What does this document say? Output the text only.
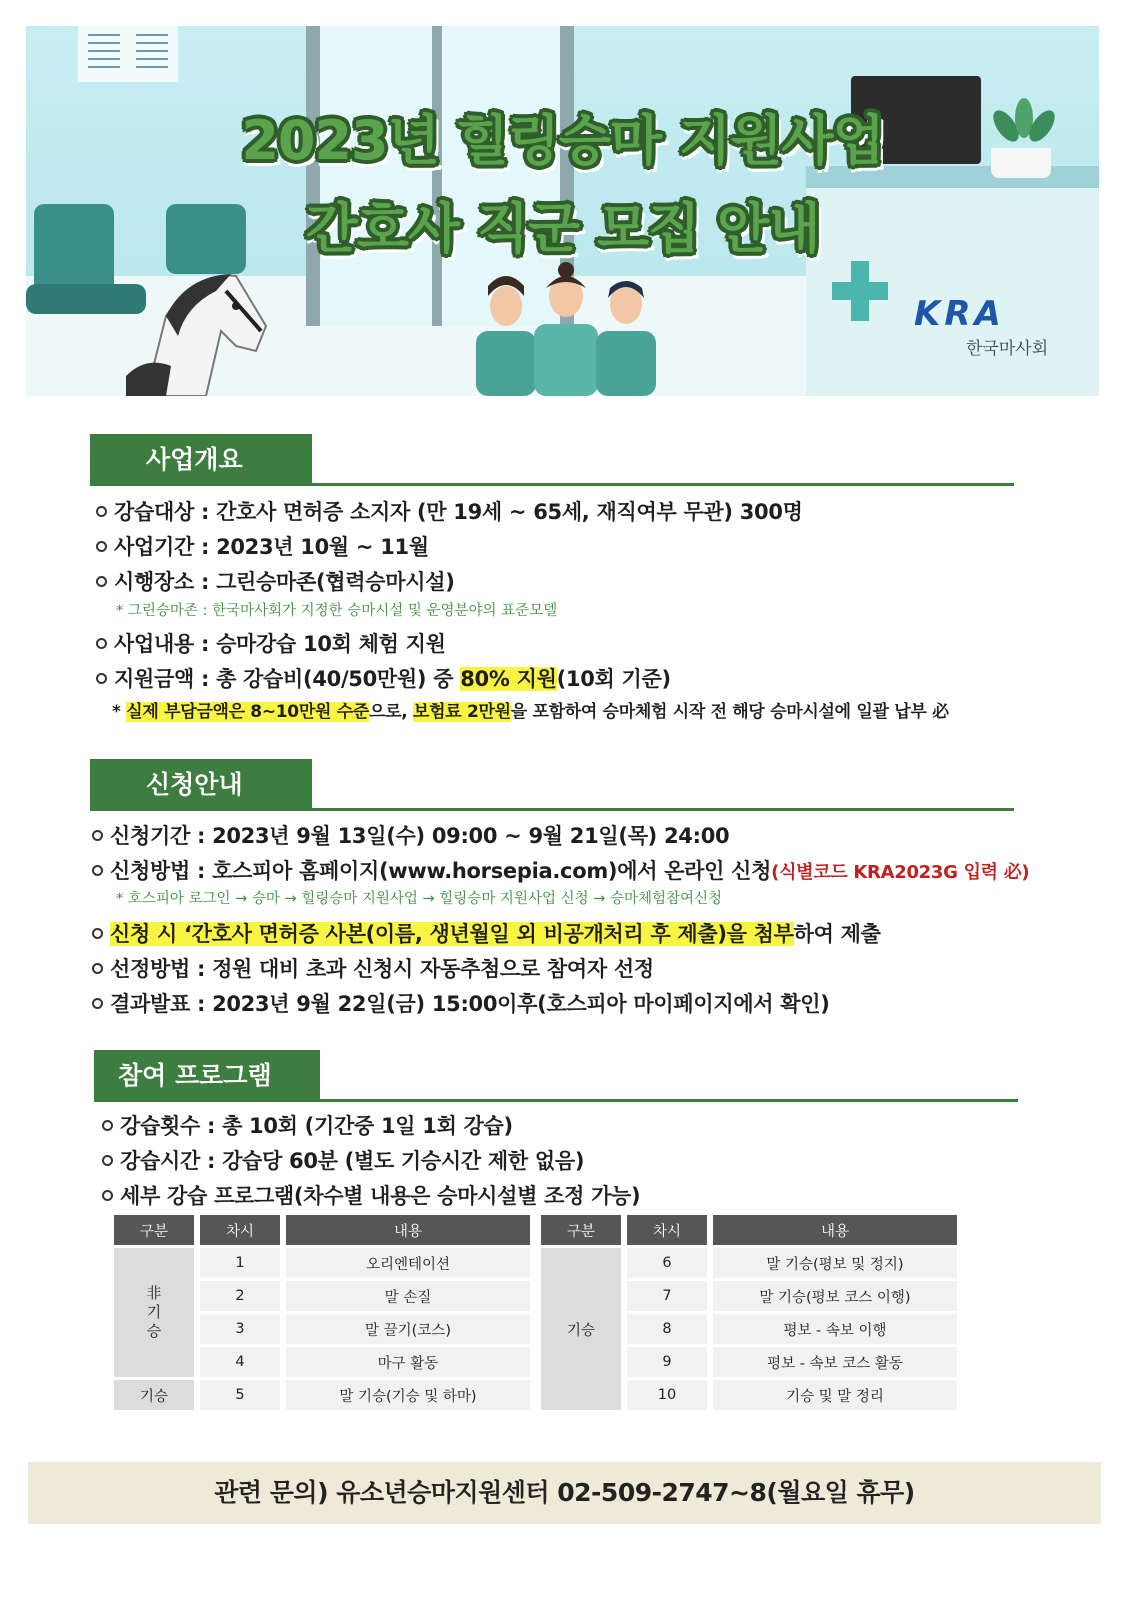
2023년 힐링승마 지원사업
간호사 직군 모집 안내
KRA
한국마사회
사업개요
강습대상 : 간호사 면허증 소지자 (만 19세 ~ 65세, 재직여부 무관) 300명
사업기간 : 2023년 10월 ~ 11월
시행장소 : 그린승마존(협력승마시설)
* 그린승마존 : 한국마사회가 지정한 승마시설 및 운영분야의 표준모델
사업내용 : 승마강습 10회 체험 지원
지원금액 : 총 강습비(40/50만원) 중 80% 지원(10회 기준)
* 실제 부담금액은 8~10만원 수준으로, 보험료 2만원을 포함하여 승마체험 시작 전 해당 승마시설에 일괄 납부 必
신청안내
신청기간 : 2023년 9월 13일(수) 09:00 ~ 9월 21일(목) 24:00
신청방법 : 호스피아 홈페이지(www.horsepia.com)에서 온라인 신청(식별코드 KRA2023G 입력 必)
* 호스피아 로그인 → 승마 → 힐링승마 지원사업 → 힐링승마 지원사업 신청 → 승마체험참여신청
신청 시 ‘간호사 면허증 사본(이름, 생년월일 외 비공개처리 후 제출)을 첨부하여 제출
선정방법 : 정원 대비 초과 신청시 자동추첨으로 참여자 선정
결과발표 : 2023년 9월 22일(금) 15:00이후(호스피아 마이페이지에서 확인)
참여 프로그램
강습횟수 : 총 10회 (기간중 1일 1회 강습)
강습시간 : 강습당 60분 (별도 기승시간 제한 없음)
세부 강습 프로그램(차수별 내용은 승마시설별 조정 가능)
구분	차시	내용
非
기
승	1	오리엔테이션
	2	말 손질
	3	말 끌기(코스)
	4	마구 활동
기승	5	말 기승(기승 및 하마)
구분	차시	내용
기승	6	말 기승(평보 및 정지)
	7	말 기승(평보 코스 이행)
	8	평보 - 속보 이행
	9	평보 - 속보 코스 활동
	10	기승 및 말 정리
관련 문의) 유소년승마지원센터 02-509-2747~8(월요일 휴무)
